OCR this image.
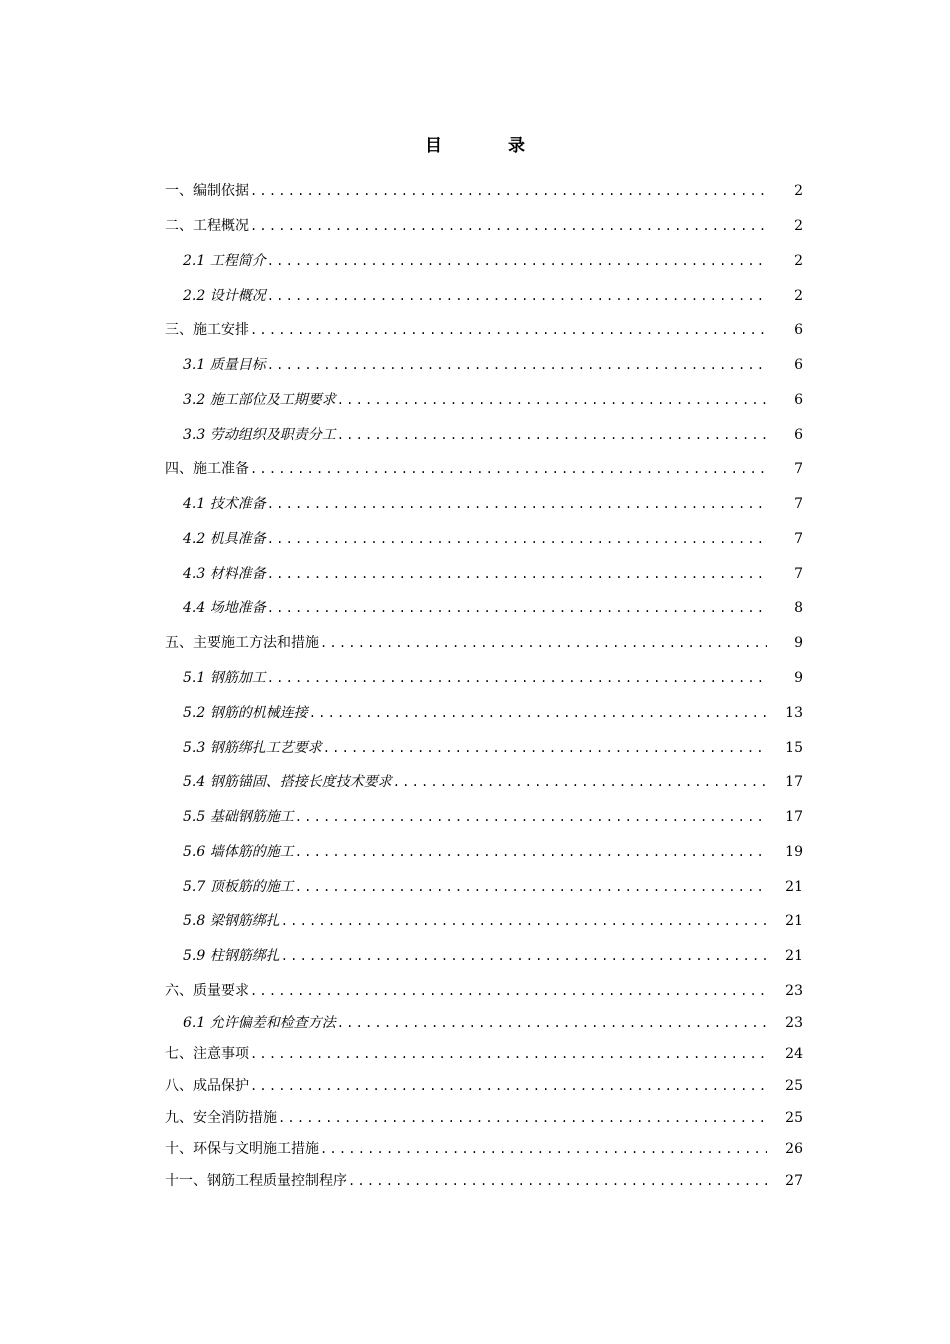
目	录
一、编制依据 .....	2
二、工程概况 .....	2
2.1 工程简介 .....	2
2.2 设计概况 .....	2
三、施工安排 .....	6
3.1 质量目标 .....	6
3.2 施工部位及工期要求 .....	6
3.3 劳动组织及职责分工 .....	6
四、施工准备 .....	7
4.1 技术准备 .....	7
4.2 机具准备 .....	7
4.3 材料准备 .....	7
4.4 场地准备 .....	8
五、主要施工方法和措施 .....	9
5.1 钢筋加工 .....	9
5.2 钢筋的机械连接 .....	13
5.3 钢筋绑扎工艺要求 .....	15
5.4 钢筋锚固、搭接长度技术要求 .....	17
5.5 基础钢筋施工 .....	17
5.6 墙体筋的施工 .....	19
5.7 顶板筋的施工 .....	21
5.8 梁钢筋绑扎 .....	21
5.9 柱钢筋绑扎 .....	21
六、质量要求 .....	23
6.1 允许偏差和检查方法 .....	23
七、注意事项 .....	24
八、成品保护 .....	25
九、安全消防措施 .....	25
十、环保与文明施工措施 .....	26
十一、钢筋工程质量控制程序 .....	27
